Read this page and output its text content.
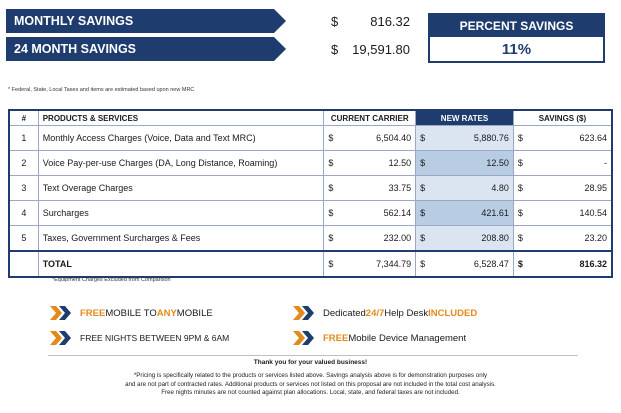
MONTHLY SAVINGS
24 MONTH SAVINGS
$	816.32
$	19,591.80
PERCENT SAVINGS
11%
* Federal, State, Local Taxes and items are estimated based upon new MRC
#	PRODUCTS & SERVICES	CURRENT CARRIER		NEW RATES		SAVINGS ($)	
1	Monthly Access Charges (Voice, Data and Text MRC)	$	6,504.40	$	5,880.76	$	623.64
2	Voice Pay-per-use Charges (DA, Long Distance, Roaming)	$	12.50	$	12.50	$	-
3	Text Overage Charges	$	33.75	$	4.80	$	28.95
4	Surcharges	$	562.14	$	421.61	$	140.54
5	Taxes, Government Surcharges & Fees	$	232.00	$	208.80	$	23.20
	TOTAL	$	7,344.79	$	6,528.47	$	816.32
*Equipment Charges Excluded from Comparison
FREE MOBILE TO ANY MOBILE
FREE NIGHTS BETWEEN 9PM & 6AM
Dedicated 24/7 Help Desk INCLUDED
FREE Mobile Device Management
Thank you for your valued business!
*Pricing is specifically related to the products or services listed above. Savings analysis above is for demonstration purposes only
and are not part of contracted rates. Additional products or services not listed on this proposal are not included in the total cost analysis.
Free nights minutes are not counted against plan allocations. Local, state, and federal taxes are not included.
